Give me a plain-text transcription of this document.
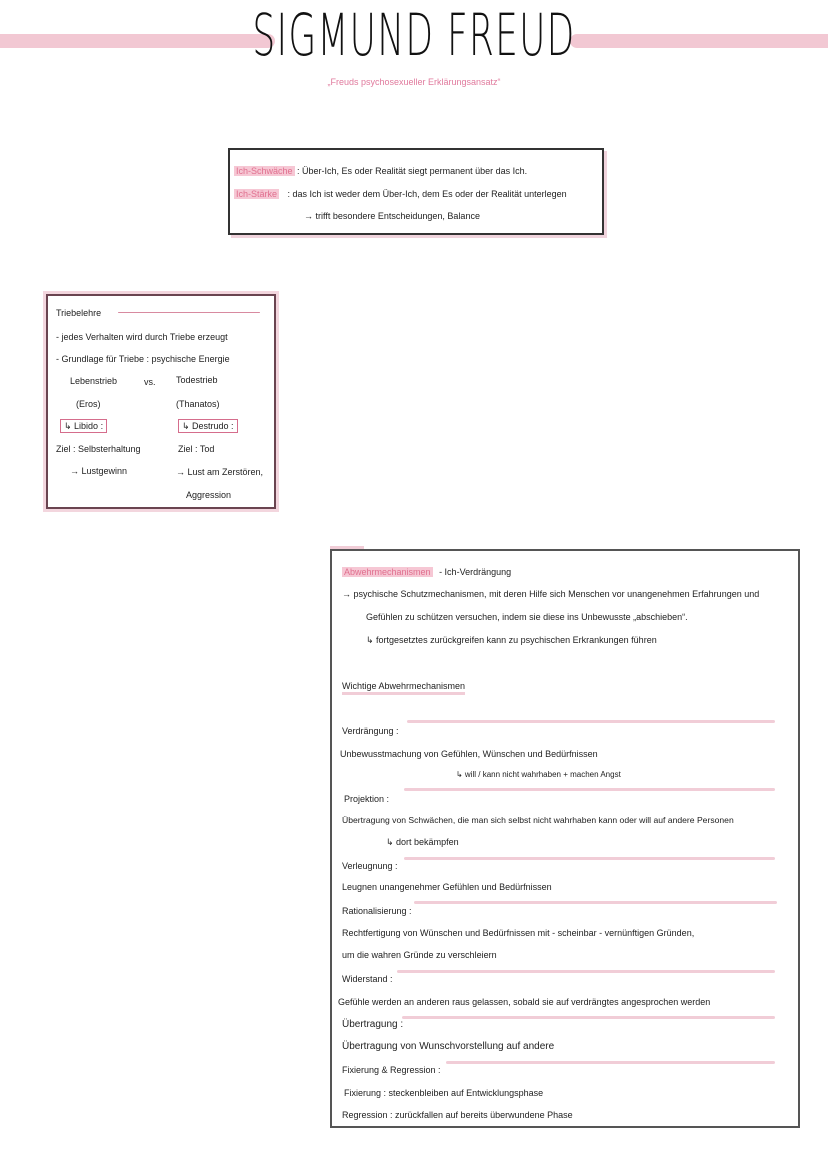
SIGMUND FREUD
„Freuds psychosexueller Erklärungsansatz“
Ich-Schwäche : Über-Ich, Es oder Realität siegt permanent über das Ich.
Ich-Stärke : das Ich ist weder dem Über-Ich, dem Es oder der Realität unterlegen
→ trifft besondere Entscheidungen, Balance
Triebelehre
- jedes Verhalten wird durch Triebe erzeugt
- Grundlage für Triebe : psychische Energie
Lebenstrieb	vs. Todestrieb
(Eros)	(Thanatos)
↳ Libido :	↳ Destrudo :
Ziel : Selbsterhaltung	Ziel : Tod
→ Lustgewinn	→ Lust am Zerstören,
Aggression
Abwehrmechanismen - Ich-Verdrängung
→ psychische Schutzmechanismen, mit deren Hilfe sich Menschen vor unangenehmen Erfahrungen und
Gefühlen zu schützen versuchen, indem sie diese ins Unbewusste „abschieben“.
↳ fortgesetztes zurückgreifen kann zu psychischen Erkrankungen führen
Wichtige Abwehrmechanismen
Verdrängung :
Unbewusstmachung von Gefühlen, Wünschen und Bedürfnissen
↳ will / kann nicht wahrhaben + machen Angst
Projektion :
Übertragung von Schwächen, die man sich selbst nicht wahrhaben kann oder will auf andere Personen
↳ dort bekämpfen
Verleugnung :
Leugnen unangenehmer Gefühlen und Bedürfnissen
Rationalisierung :
Rechtfertigung von Wünschen und Bedürfnissen mit - scheinbar - vernünftigen Gründen,
um die wahren Gründe zu verschleiern
Widerstand :
Gefühle werden an anderen raus gelassen, sobald sie auf verdrängtes angesprochen werden
Übertragung :
Übertragung von Wunschvorstellung auf andere
Fixierung & Regression :
Fixierung : steckenbleiben auf Entwicklungsphase
Regression : zurückfallen auf bereits überwundene Phase
